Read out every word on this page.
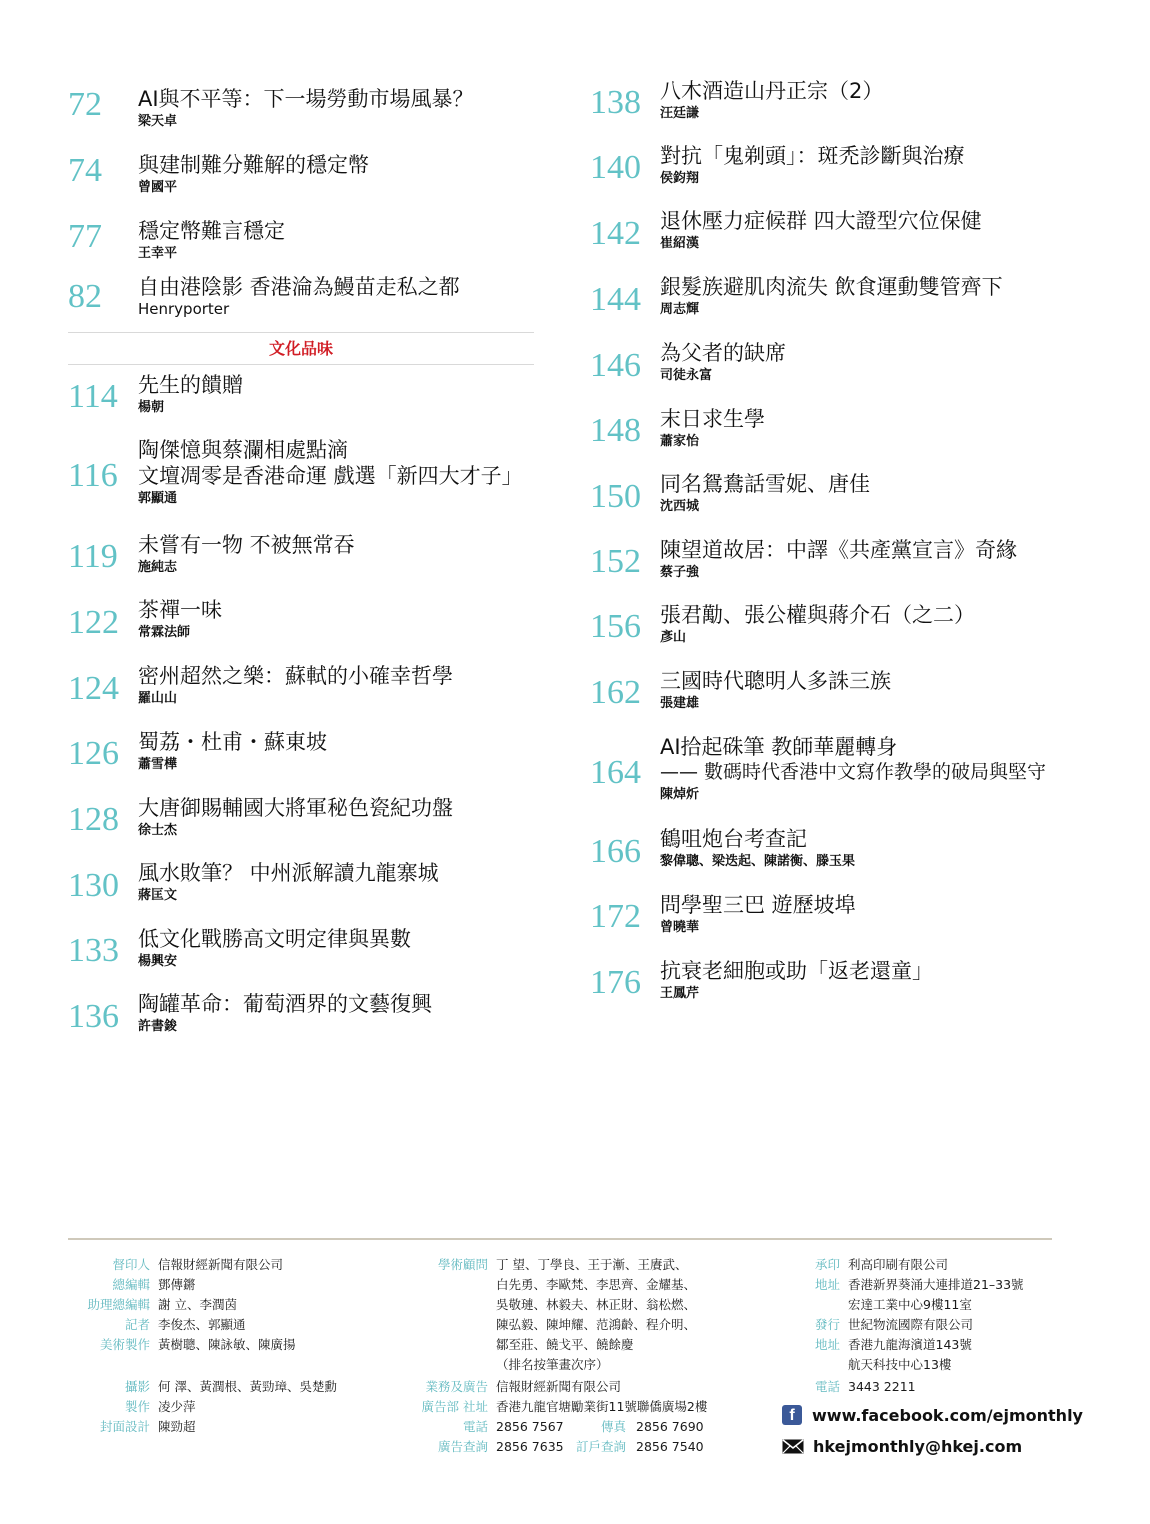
72	AI與不平等：下一場勞動市場風暴？
梁天卓
74	與建制難分難解的穩定幣
曾國平
77	穩定幣難言穩定
王幸平
82	自由港陰影 香港淪為鰻苗走私之都
Henryporter
114 先生的饋贈
楊朝
116
陶傑憶與蔡瀾相處點滴
文壇凋零是香港命運 戲選「新四大才子」
郭顯通
119 未嘗有一物 不被無常吞
施純志
122 茶禪一味
常霖法師
124 密州超然之樂：蘇軾的小確幸哲學
羅山山
126 蜀荔・杜甫・蘇東坡
蕭雪樺
128 大唐御賜輔國大將軍秘色瓷紀功盤
徐士杰
130 風水敗筆？ 中州派解讀九龍寨城
蔣匡文
133 低文化戰勝高文明定律與異數
楊興安
136 陶罐革命：葡萄酒界的文藝復興
許書鋑
文化品味
138 八木酒造山丹正宗（2）
汪廷謙
140 對抗「鬼剃頭」：斑禿診斷與治療
侯鈞翔
142 退休壓力症候群 四大證型穴位保健
崔紹漢
144 銀髮族避肌肉流失 飲食運動雙管齊下
周志輝
146 為父者的缺席
司徒永富
148 末日求生學
蕭家怡
150 同名鴛鴦話雪妮、唐佳
沈西城
152 陳望道故居：中譯《共產黨宣言》奇緣
蔡子強
156 張君勱、張公權與蔣介石（之二）
彥山
162 三國時代聰明人多誅三族
張建雄
164
AI拾起硃筆 教師華麗轉身
—— 數碼時代香港中文寫作教學的破局與堅守
陳焯炘
166 鶴咀炮台考查記
黎偉聰、梁迭起、陳諾衡、滕玉果
172 問學聖三巴 遊歷坡埠
曾曉華
176 抗衰老細胞或助「返老還童」
王鳳芹
督印人 信報財經新聞有限公司
總編輯 鄧傳鏘
助理總編輯 謝 立、李潤茵
記者 李俊杰、郭顯通
美術製作 黃樹聰、陳詠敏、陳廣揚
攝影 何 澤、黃潤根、黃勁璋、吳楚勳
製作 凌少萍
封面設計 陳勁超
學術顧問 丁 望、丁學良、王于漸、王賡武、
白先勇、李歐梵、李思齊、金耀基、
吳敬璉、林毅夫、林正財、翁松燃、
陳弘毅、陳坤耀、范鴻齡、程介明、
鄒至莊、饒戈平、饒餘慶
（排名按筆畫次序）
業務及廣告 信報財經新聞有限公司
廣告部 社址 香港九龍官塘勵業街11號聯僑廣場2樓
電話 2856 7567	傳真 2856 7690
廣告查詢 2856 7635 訂戶查詢 2856 7540
承印 利高印刷有限公司
地址 香港新界葵涌大連排道21–33號
宏達工業中心9樓11室
發行 世紀物流國際有限公司
地址 香港九龍海濱道143號
航天科技中心13樓
電話 3443 2211
f	www.facebook.com/ejmonthly
hkejmonthly@hkej.com
